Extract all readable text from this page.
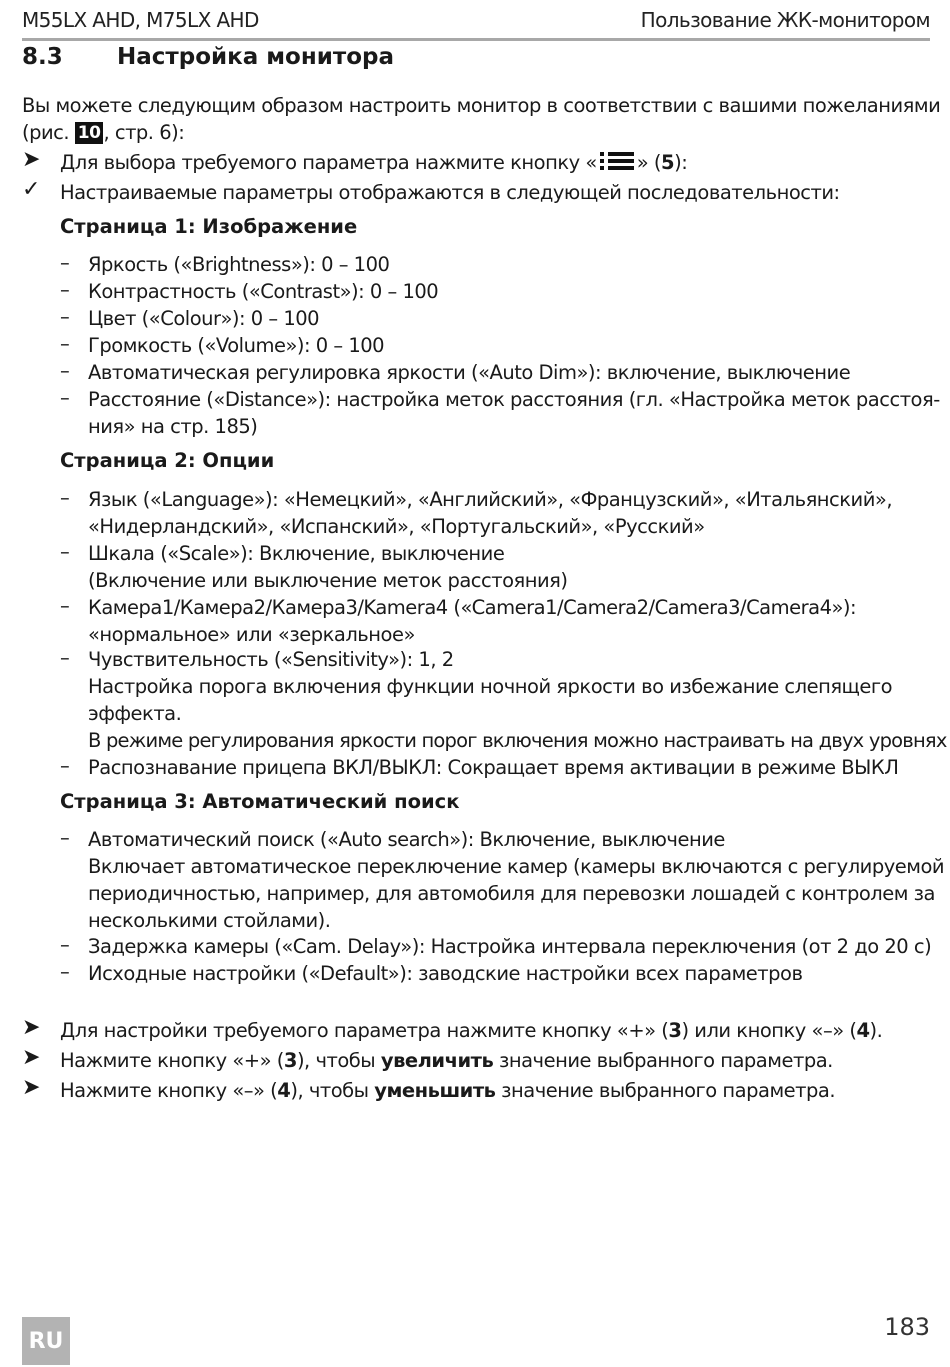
M55LX AHD, M75LX AHD	Пользование ЖК-монитором
8.3 Настройка монитора
Вы можете следующим образом настроить монитор в соответствии с вашими пожеланиями
(рис. 10 , стр. 6):
➤ Для выбора требуемого параметра нажмите кнопку « » (5):
✓ Настраиваемые параметры отображаются в следующей последовательности:
Страница 1: Изображение
– Яркость («Brightness»): 0 – 100
– Контрастность («Contrast»): 0 – 100
– Цвет («Colour»): 0 – 100
– Громкость («Volume»): 0 – 100
– Автоматическая регулировка яркости («Auto Dim»): включение, выключение
– Расстояние («Distance»): настройка меток расстояния (гл. «Настройка меток расстоя-
ния» на стр. 185)
Страница 2: Опции
– Язык («Language»): «Немецкий», «Английский», «Французский», «Итальянский»,
«Нидерландский», «Испанский», «Португальский», «Русский»
– Шкала («Scale»): Включение, выключение
(Включение или выключение меток расстояния)
– Камера1/Камера2/Камера3/Kamera4 («Camera1/Camera2/Camera3/Camera4»):
«нормальное» или «зеркальное»
– Чувствительность («Sensitivity»): 1, 2
Настройка порога включения функции ночной яркости во избежание слепящего
эффекта.
В режиме регулирования яркости порог включения можно настраивать на двух уровнях
– Распознавание прицепа ВКЛ/ВЫКЛ: Сокращает время активации в режиме ВЫКЛ
Страница 3: Автоматический поиск
– Автоматический поиск («Auto search»): Включение, выключение
Включает автоматическое переключение камер (камеры включаются с регулируемой
периодичностью, например, для автомобиля для перевозки лошадей с контролем за
несколькими стойлами).
– Задержка камеры («Cam. Delay»): Настройка интервала переключения (от 2 до 20 с)
– Исходные настройки («Default»): заводские настройки всех параметров
➤ Для настройки требуемого параметра нажмите кнопку «+» (3) или кнопку «–» (4).
➤ Нажмите кнопку «+» (3), чтобы увеличить значение выбранного параметра.
➤ Нажмите кнопку «–» (4), чтобы уменьшить значение выбранного параметра.
RU
183
